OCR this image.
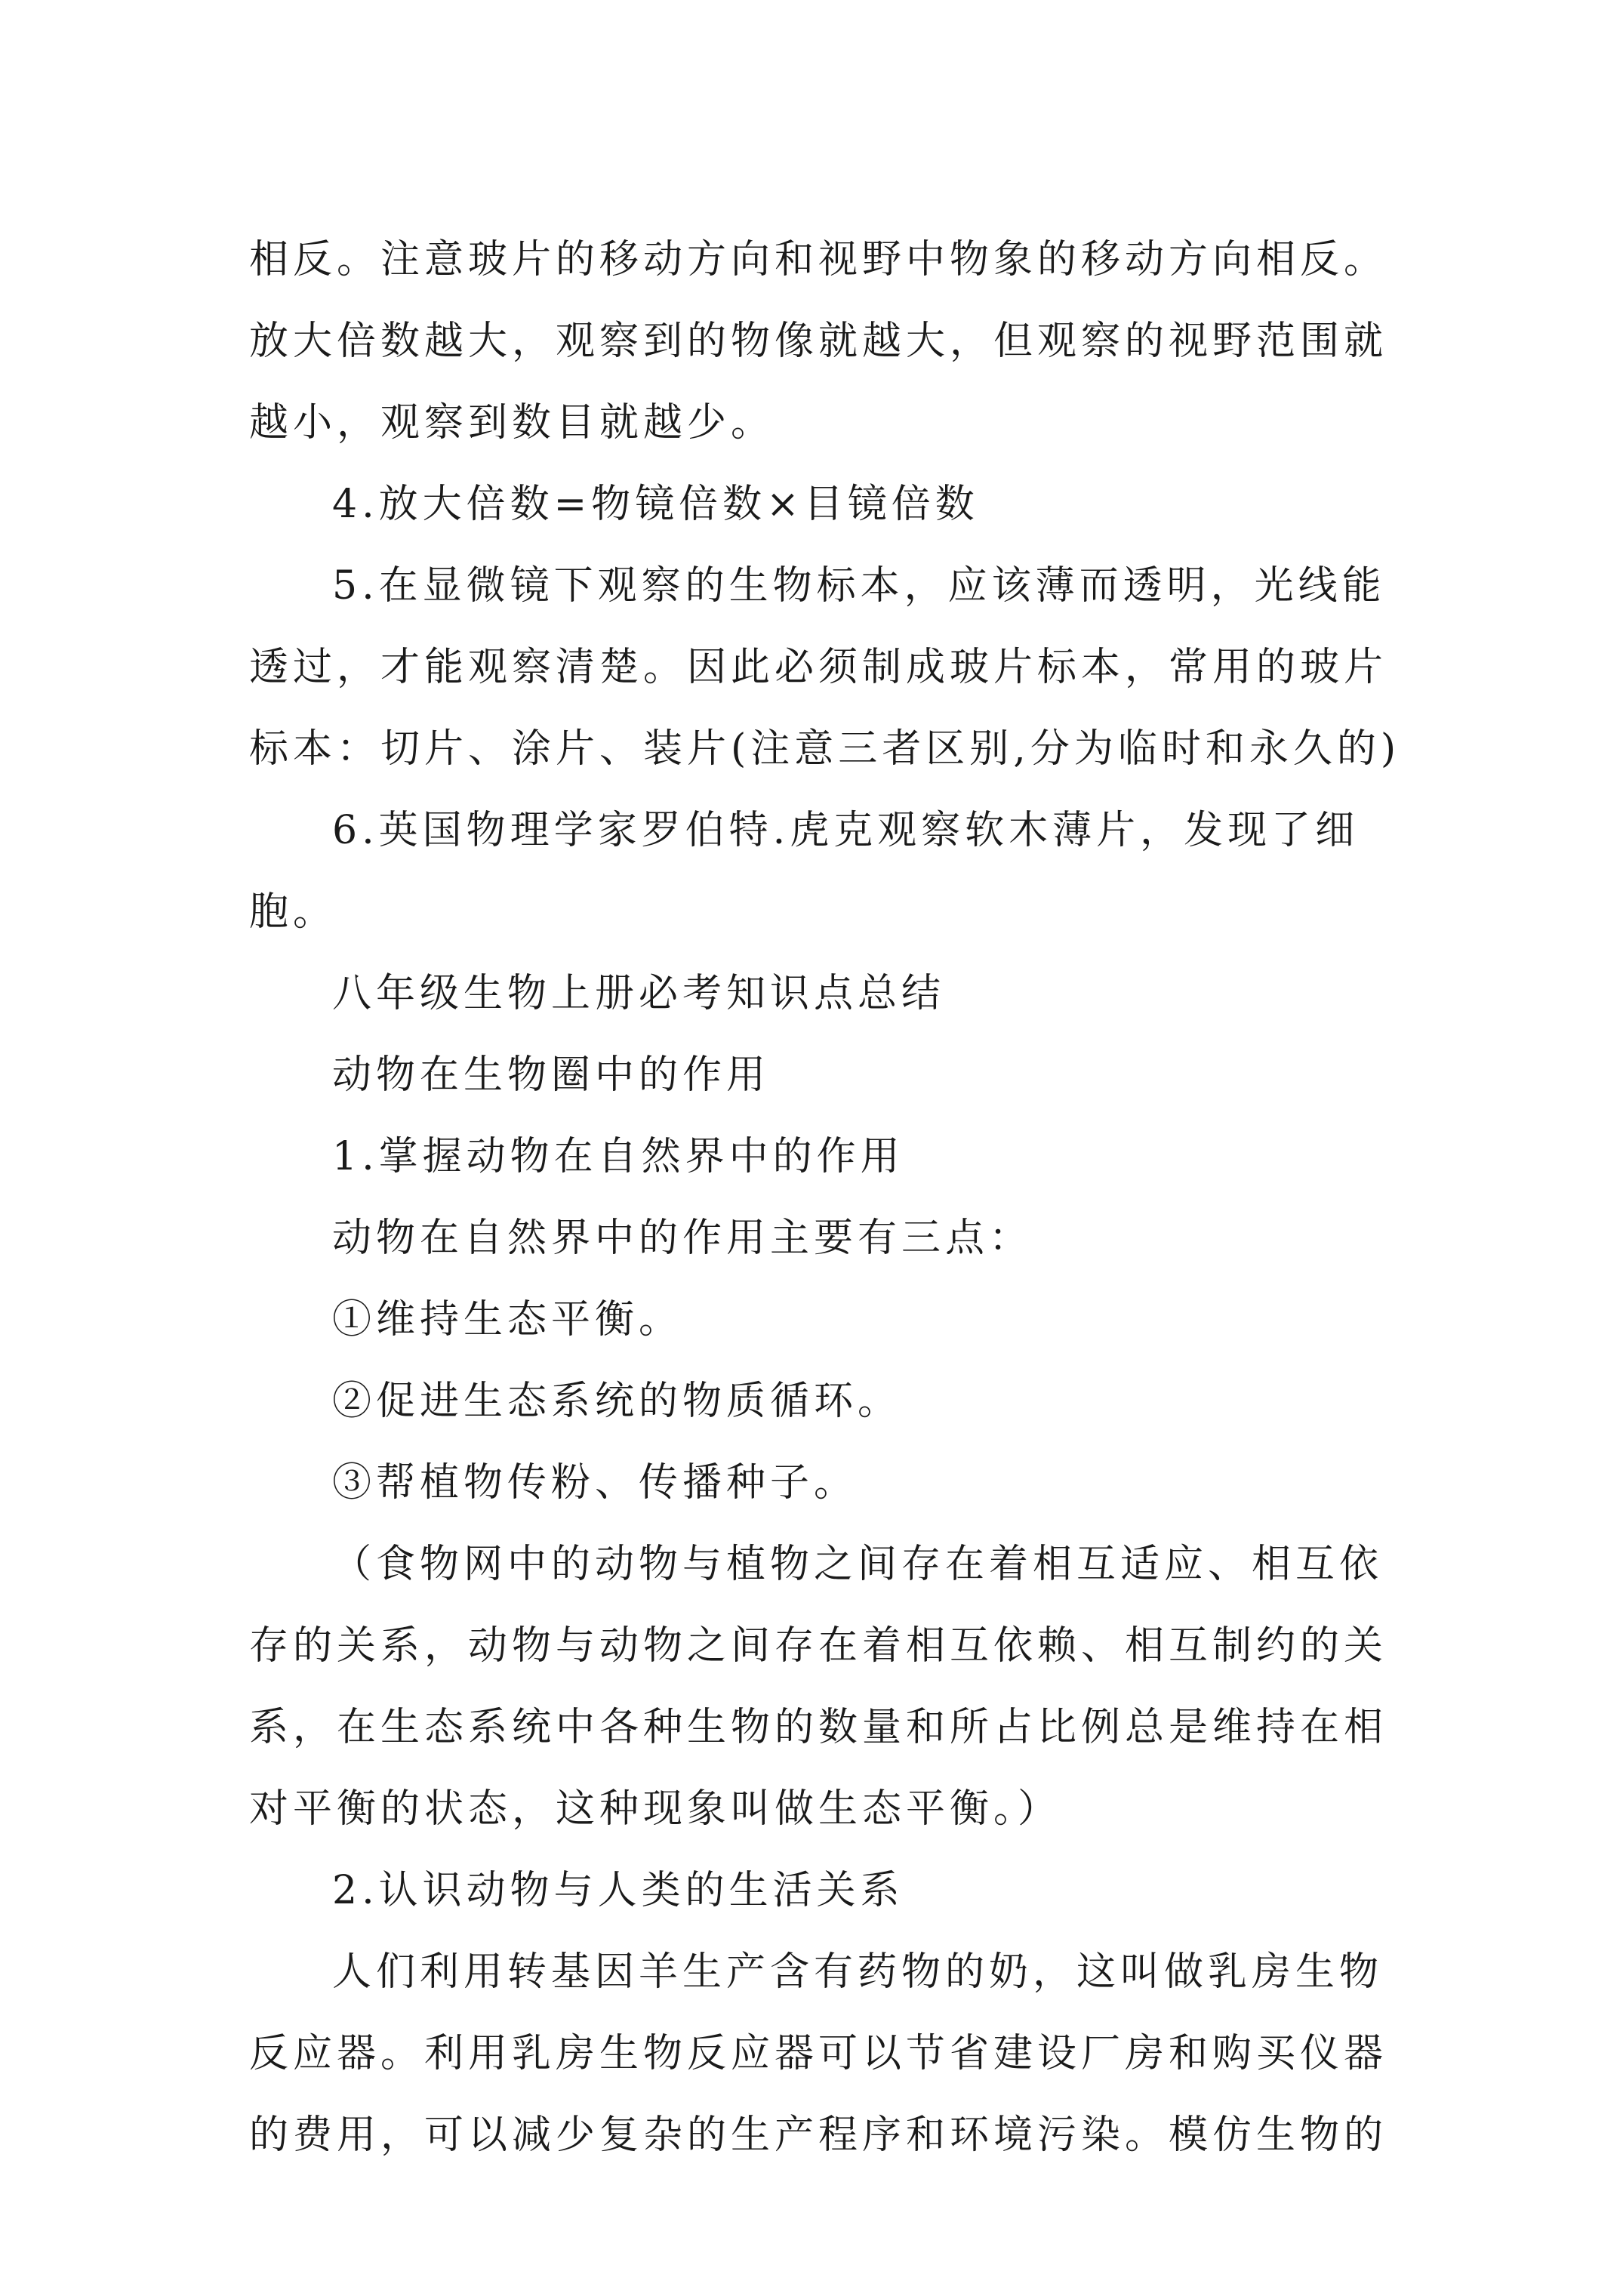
相反。注意玻片的移动方向和视野中物象的移动方向相反。
放大倍数越大，观察到的物像就越大，但观察的视野范围就
越小，观察到数目就越少。
4.放大倍数=物镜倍数×目镜倍数
5.在显微镜下观察的生物标本，应该薄而透明，光线能
透过，才能观察清楚。因此必须制成玻片标本，常用的玻片
标本：切片、涂片、装片(注意三者区别,分为临时和永久的)
6.英国物理学家罗伯特.虎克观察软木薄片，发现了细
胞。
八年级生物上册必考知识点总结
动物在生物圈中的作用
1.掌握动物在自然界中的作用
动物在自然界中的作用主要有三点：
①维持生态平衡。
②促进生态系统的物质循环。
③帮植物传粉、传播种子。
（食物网中的动物与植物之间存在着相互适应、相互依
存的关系，动物与动物之间存在着相互依赖、相互制约的关
系，在生态系统中各种生物的数量和所占比例总是维持在相
对平衡的状态，这种现象叫做生态平衡。）
2.认识动物与人类的生活关系
人们利用转基因羊生产含有药物的奶，这叫做乳房生物
反应器。利用乳房生物反应器可以节省建设厂房和购买仪器
的费用，可以减少复杂的生产程序和环境污染。模仿生物的
